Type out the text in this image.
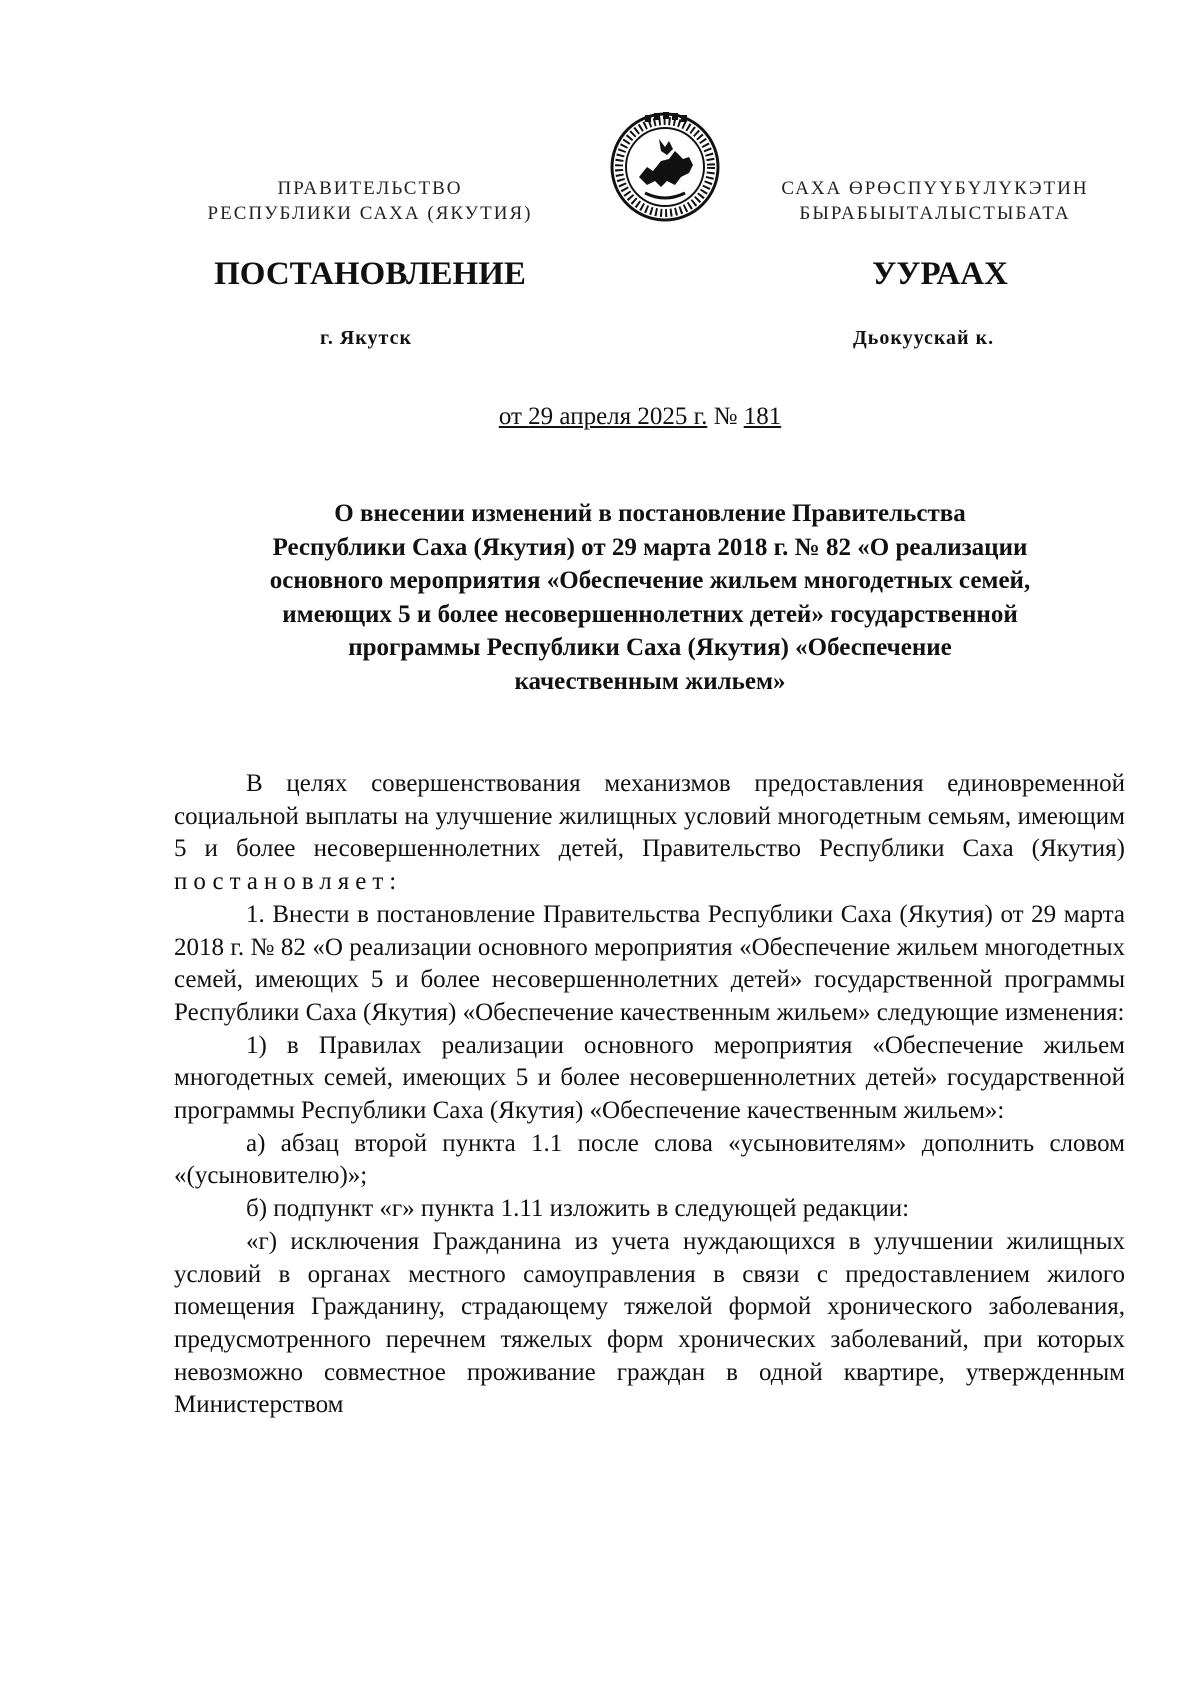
ПРАВИТЕЛЬСТВО
РЕСПУБЛИКИ САХА (ЯКУТИЯ)
САХА ӨРӨСПҮҮБҮЛҮКЭТИН
БЫРАБЫЫТАЛЫСТЫБАТА
ПОСТАНОВЛЕНИЕ	УУРААХ
г. Якутск	Дьокуускай к.
от 29 апреля 2025 г. № 181
О внесении изменений в постановление Правительства
Республики Саха (Якутия) от 29 марта 2018 г. № 82 «О реализации
основного мероприятия «Обеспечение жильем многодетных семей,
имеющих 5 и более несовершеннолетних детей» государственной
программы Республики Саха (Якутия) «Обеспечение
качественным жильем»

В целях совершенствования механизмов предоставления единовременной социальной выплаты на улучшение жилищных условий многодетным семьям, имеющим 5 и более несовершеннолетних детей, Правительство Республики Саха (Якутия) постановляет:

1. Внести в постановление Правительства Республики Саха (Якутия) от 29 марта 2018 г. № 82 «О реализации основного мероприятия «Обеспечение жильем многодетных семей, имеющих 5 и более несовершеннолетних детей» государственной программы Республики Саха (Якутия) «Обеспечение качественным жильем» следующие изменения:

1) в Правилах реализации основного мероприятия «Обеспечение жильем многодетных семей, имеющих 5 и более несовершеннолетних детей» государственной программы Республики Саха (Якутия) «Обеспечение качественным жильем»:

а) абзац второй пункта 1.1 после слова «усыновителям» дополнить словом «(усыновителю)»;

б) подпункт «г» пункта 1.11 изложить в следующей редакции:

«г) исключения Гражданина из учета нуждающихся в улучшении жилищных условий в органах местного самоуправления в связи с предоставлением жилого помещения Гражданину, страдающему тяжелой формой хронического заболевания, предусмотренного перечнем тяжелых форм хронических заболеваний, при которых невозможно совместное проживание граждан в одной квартире, утвержденным Министерством
